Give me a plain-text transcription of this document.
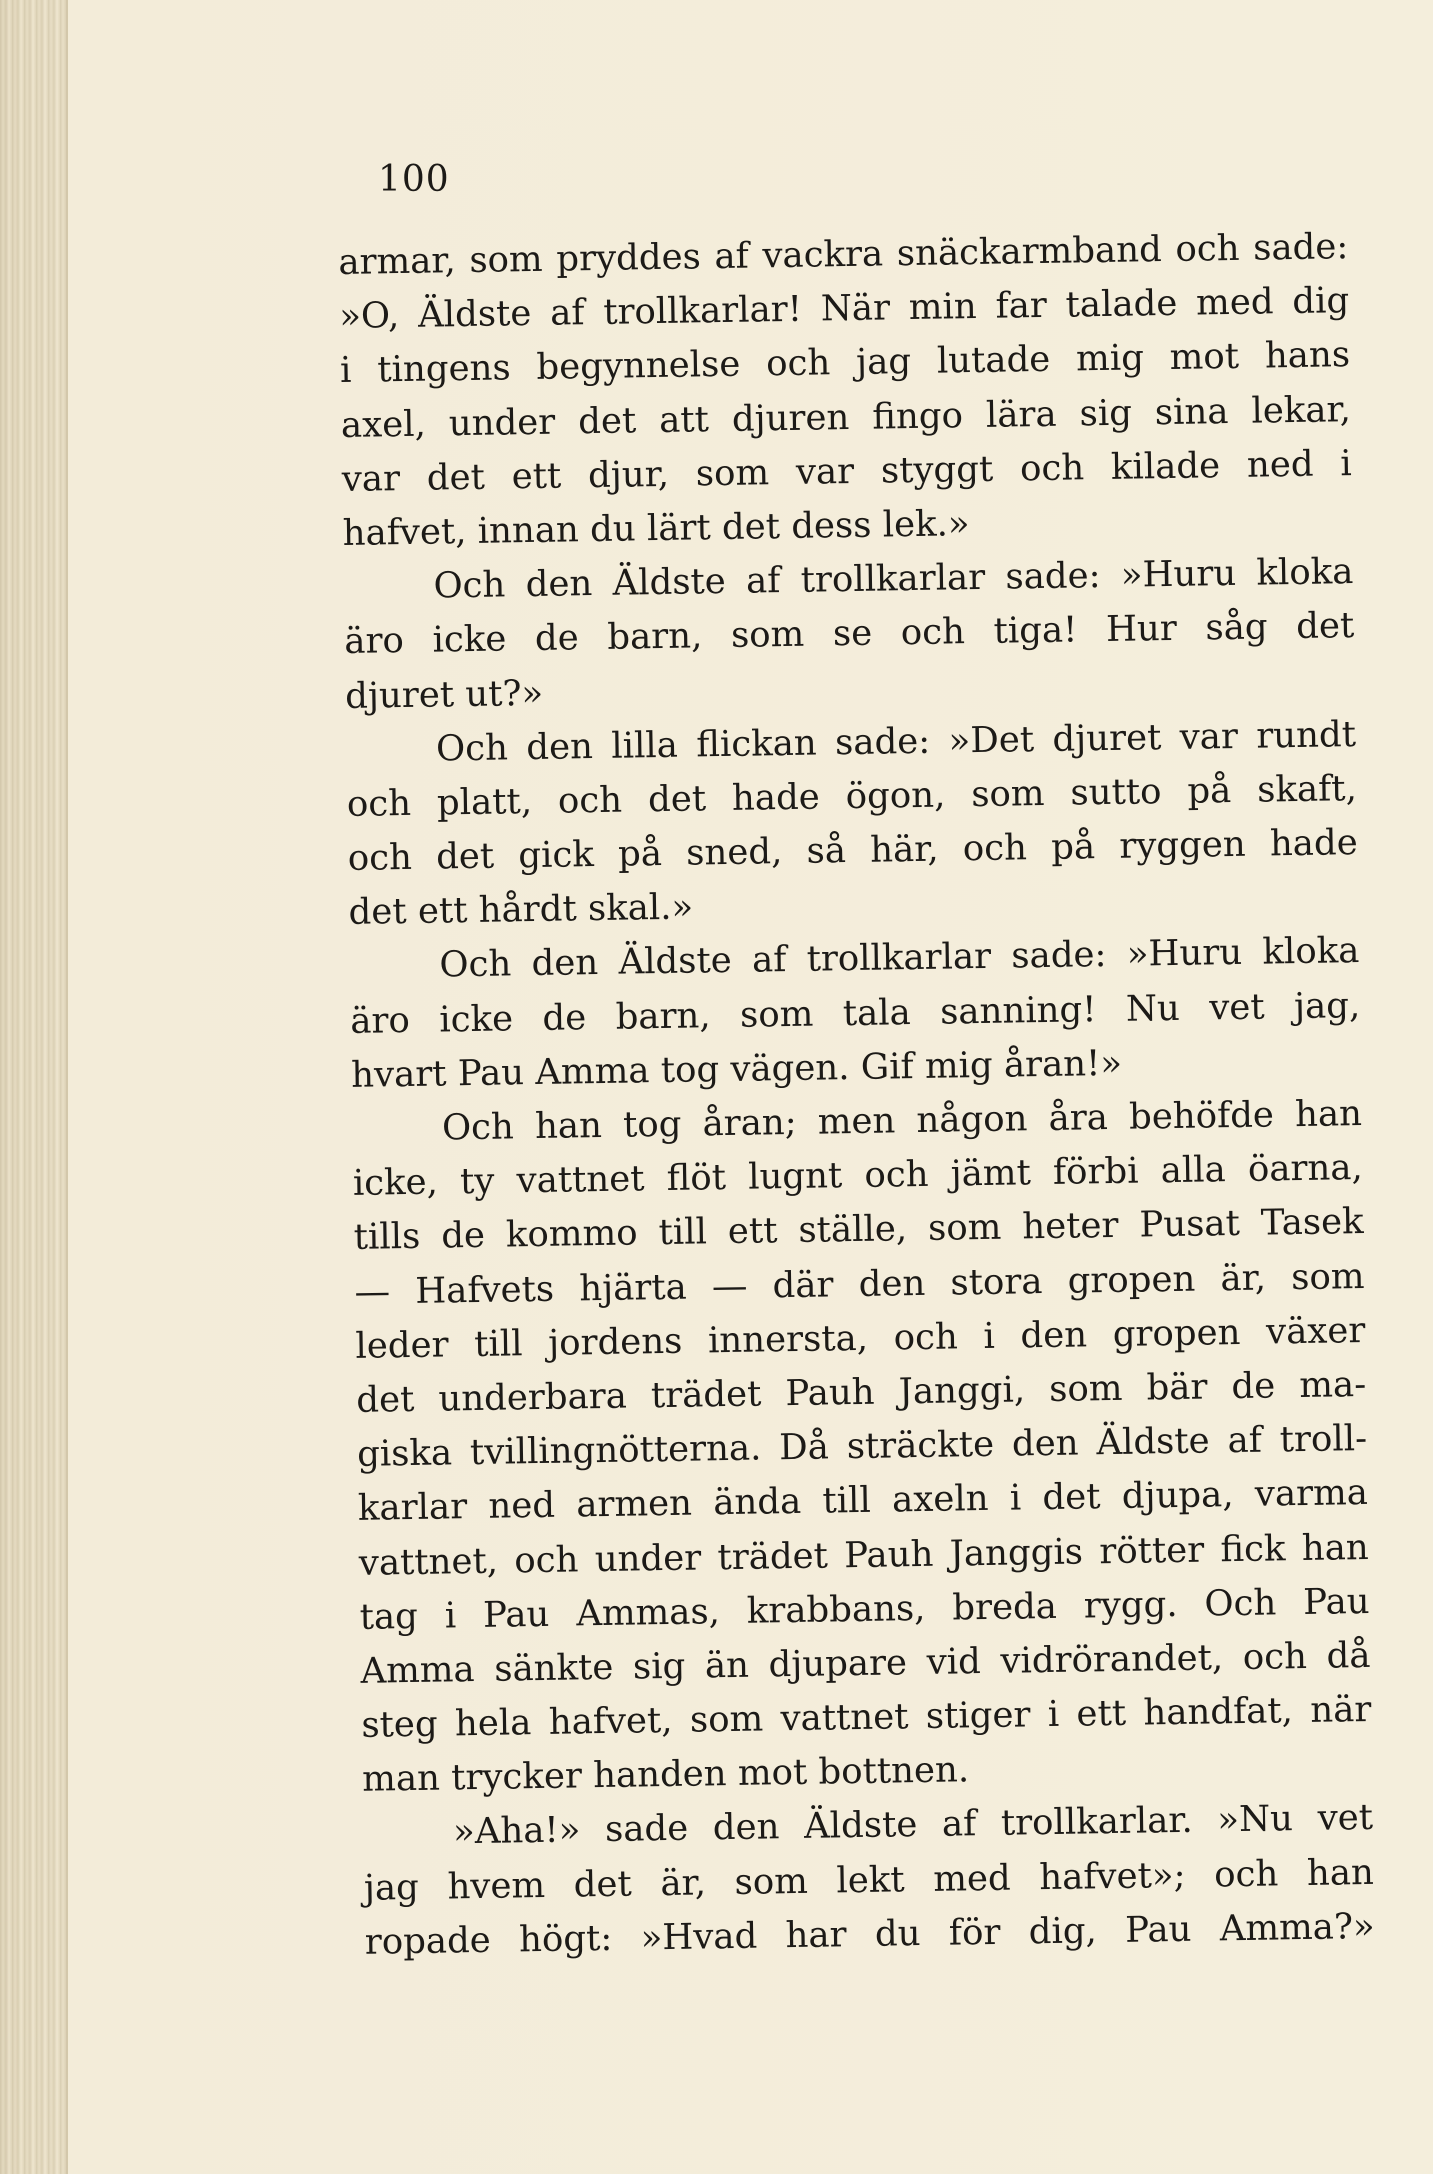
100
armar, som pryddes af vackra snäckarmband och sade:
»O, Äldste af trollkarlar! När min far talade med dig
i tingens begynnelse och jag lutade mig mot hans
axel, under det att djuren fingo lära sig sina lekar,
var det ett djur, som var styggt och kilade ned i
hafvet, innan du lärt det dess lek.»
Och den Äldste af trollkarlar sade: »Huru kloka
äro icke de barn, som se och tiga! Hur såg det
djuret ut?»
Och den lilla flickan sade: »Det djuret var rundt
och platt, och det hade ögon, som sutto på skaft,
och det gick på sned, så här, och på ryggen hade
det ett hårdt skal.»
Och den Äldste af trollkarlar sade: »Huru kloka
äro icke de barn, som tala sanning! Nu vet jag,
hvart Pau Amma tog vägen. Gif mig åran!»
Och han tog åran; men någon åra behöfde han
icke, ty vattnet flöt lugnt och jämt förbi alla öarna,
tills de kommo till ett ställe, som heter Pusat Tasek
— Hafvets hjärta — där den stora gropen är, som
leder till jordens innersta, och i den gropen växer
det underbara trädet Pauh Janggi, som bär de ma-
giska tvillingnötterna. Då sträckte den Äldste af troll-
karlar ned armen ända till axeln i det djupa, varma
vattnet, och under trädet Pauh Janggis rötter fick han
tag i Pau Ammas, krabbans, breda rygg. Och Pau
Amma sänkte sig än djupare vid vidrörandet, och då
steg hela hafvet, som vattnet stiger i ett handfat, när
man trycker handen mot bottnen.
»Aha!» sade den Äldste af trollkarlar. »Nu vet
jag hvem det är, som lekt med hafvet»; och han
ropade högt: »Hvad har du för dig, Pau Amma?»
